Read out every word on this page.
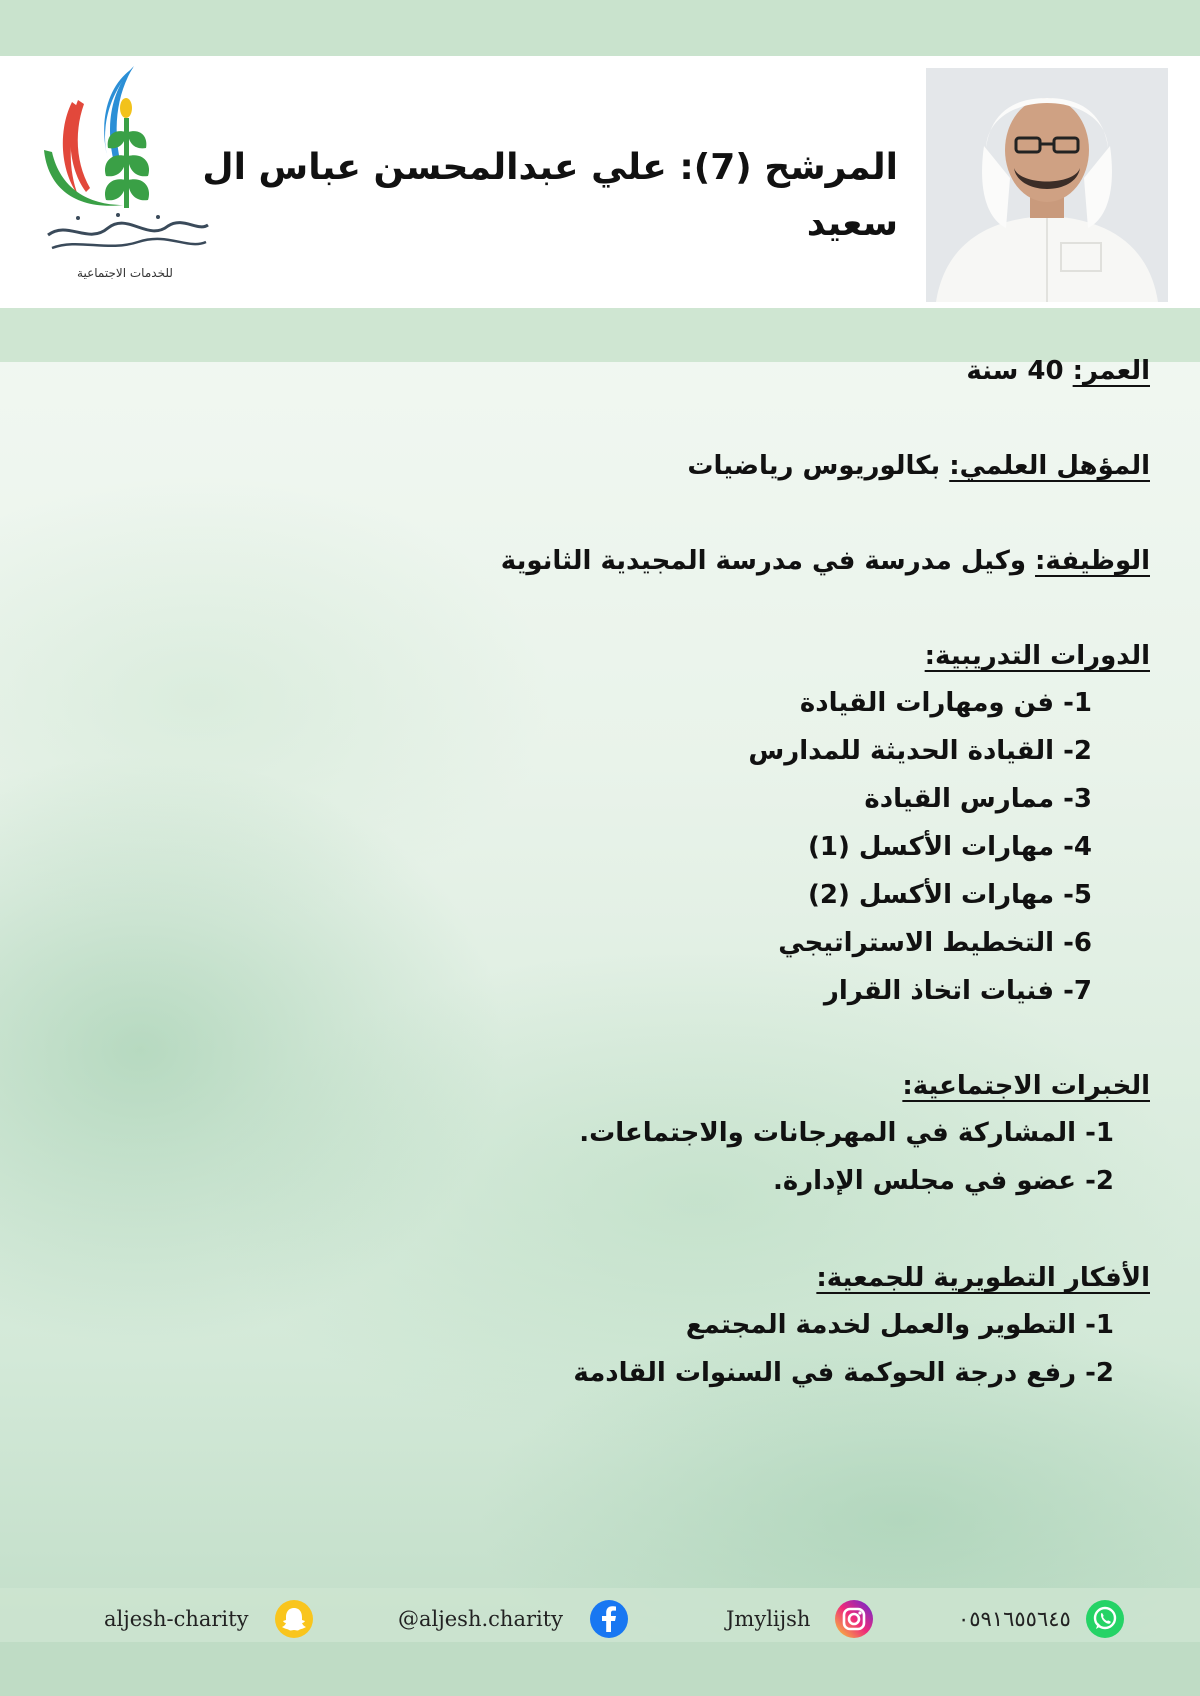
للخدمات الاجتماعية
المرشح (7): علي عبدالمحسن عباس ال سعيد
العمر: 40 سنة
المؤهل العلمي: بكالوريوس رياضيات
الوظيفة: وكيل مدرسة في مدرسة المجيدية الثانوية
الدورات التدريبية:
1- فن ومهارات القيادة
2- القيادة الحديثة للمدارس
3- ممارس القيادة
4- مهارات الأكسل (1)
5- مهارات الأكسل (2)
6- التخطيط الاستراتيجي
7- فنيات اتخاذ القرار
الخبرات الاجتماعية:
1- المشاركة في المهرجانات والاجتماعات.
2- عضو في مجلس الإدارة.
الأفكار التطويرية للجمعية:
1- التطوير والعمل لخدمة المجتمع
2- رفع درجة الحوكمة في السنوات القادمة
aljesh-charity	@aljesh.charity	Jmylijsh	٠٥٩١٦٥٥٦٤٥
